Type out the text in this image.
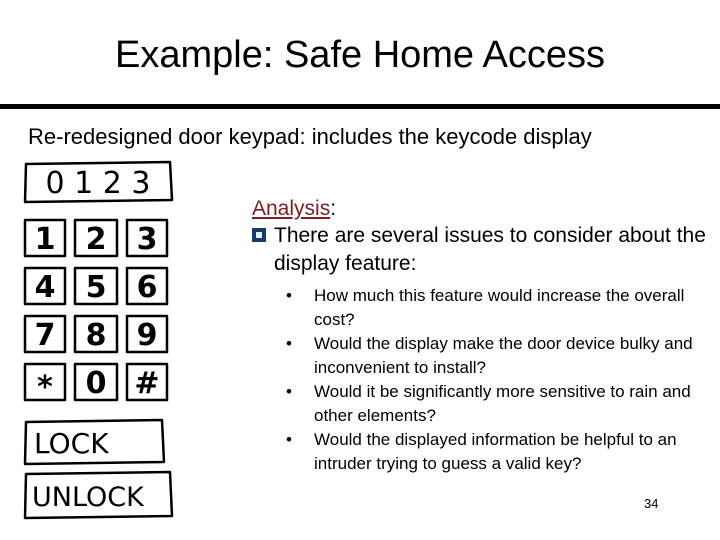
Example: Safe Home Access
Re-redesigned door keypad: includes the keycode display
0 1 2 3
1 2 3
4 5 6
7 8 9
* 0 #
LOCK
UNLOCK
Analysis:
There are several issues to consider about the display feature:
•	How much this feature would increase the overall cost?
•	Would the display make the door device bulky and inconvenient to install?
•	Would it be significantly more sensitive to rain and other elements?
•	Would the displayed information be helpful to an intruder trying to guess a valid key?
34
